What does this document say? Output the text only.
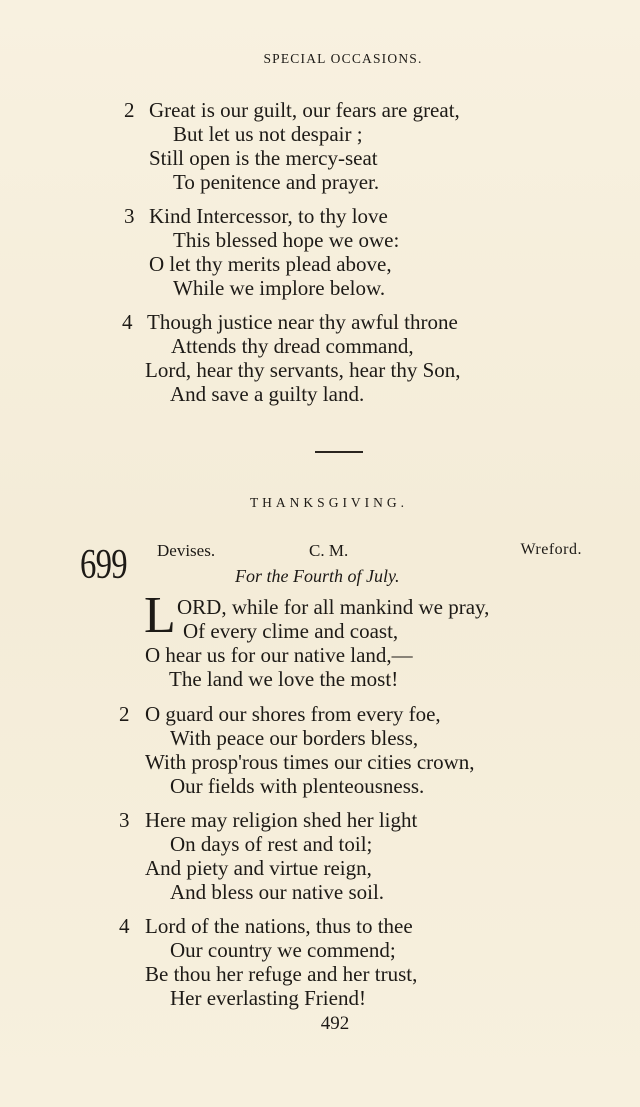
SPECIAL OCCASIONS.
2 Great is our guilt, our fears are great,
But let us not despair ;
Still open is the mercy-seat
To penitence and prayer.
3 Kind Intercessor, to thy love
This blessed hope we owe:
O let thy merits plead above,
While we implore below.
4 Though justice near thy awful throne
Attends thy dread command,
Lord, hear thy servants, hear thy Son,
And save a guilty land.
THANKSGIVING.
699 Devises.	C. M.	Wreford.
For the Fourth of July.
L ORD, while for all mankind we pray,
Of every clime and coast,
O hear us for our native land,—
The land we love the most!
2 O guard our shores from every foe,
With peace our borders bless,
With prosp'rous times our cities crown,
Our fields with plenteousness.
3 Here may religion shed her light
On days of rest and toil;
And piety and virtue reign,
And bless our native soil.
4 Lord of the nations, thus to thee
Our country we commend;
Be thou her refuge and her trust,
Her everlasting Friend!
492
